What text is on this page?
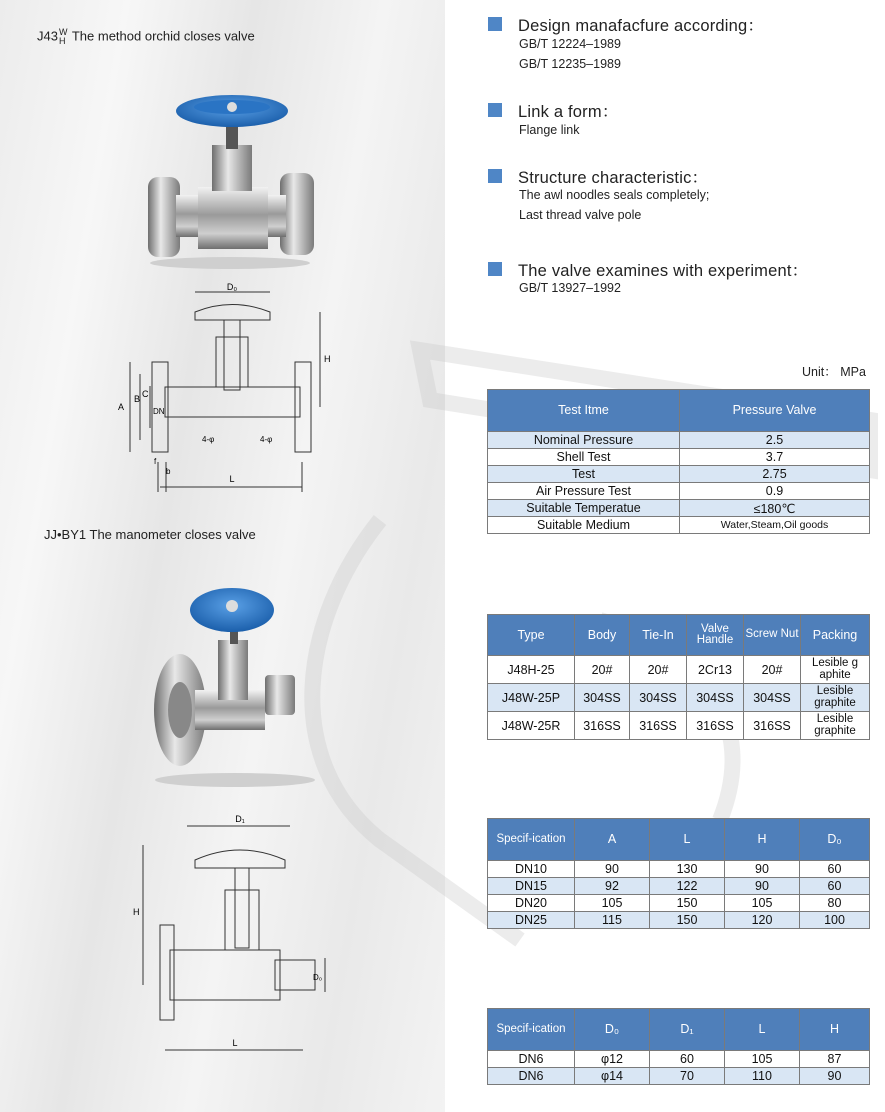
J43 W
H The method orchid closes valve
D₀
H
A
B C
DN
4-φ	4-φ
f
b
L
JJ•BY1 The manometer closes valve
D₁
H
D₀
L
Design manafacfure according：
GB/T 12224–1989
GB/T 12235–1989
Link a form：
Flange link
Structure characteristic：
The awl noodles seals completely;
Last thread valve pole
The valve examines with experiment：
GB/T 13927–1992
Unit： MPa
Test Itme	Pressure Valve
Nominal Pressure	2.5
Shell Test	3.7
Test	2.75
Air Pressure Test	0.9
Suitable Temperatue	≤180℃
Suitable Medium	Water,Steam,Oil goods
Type	Body	Tie-In	Valve Handle	Screw Nut	Packing
J48H-25	20#	20#	2Cr13	20#	Lesible g aphite
J48W-25P	304SS	304SS	304SS	304SS	Lesible graphite
J48W-25R	316SS	316SS	316SS	316SS	Lesible graphite
Specif-ication	A	L	H	D₀
DN10	90	130	90	60
DN15	92	122	90	60
DN20	105	150	105	80
DN25	115	150	120	100
Specif-ication	D₀	D₁	L	H
DN6	φ12	60	105	87
DN6	φ14	70	110	90
